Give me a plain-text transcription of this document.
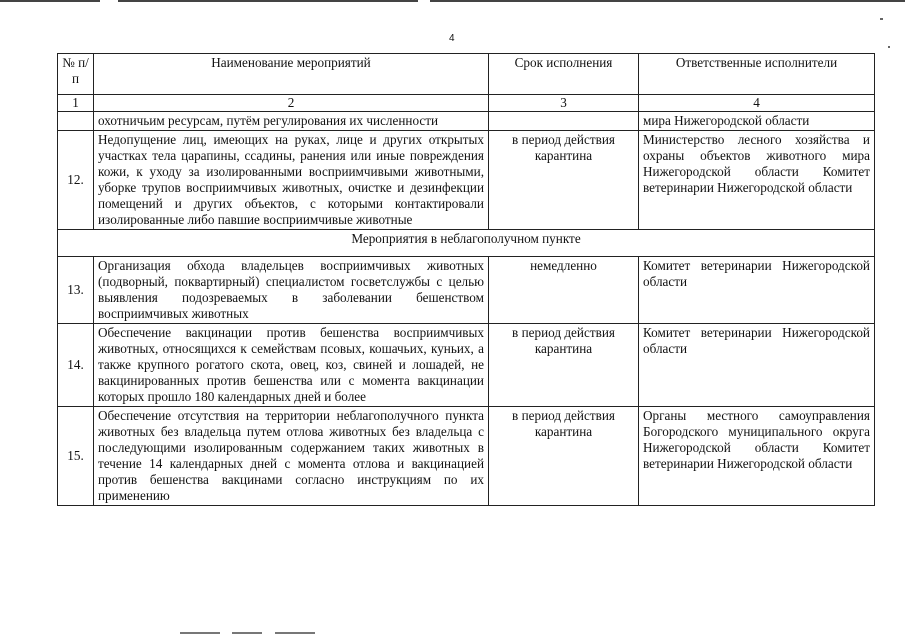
4
№ п/п	Наименование мероприятий	Срок исполнения	Ответственные исполнители
1	2	3	4
	охотничьим ресурсам, путём регулирования их численности		мира Нижегородской области
12.	Недопущение лиц, имеющих на руках, лице и других открытых участках тела царапины, ссадины, ранения или иные повреждения кожи, к уходу за изолированными восприимчивыми животными, уборке трупов восприимчивых животных, очистке и дезинфекции помещений и других объектов, с которыми контактировали изолированные либо павшие восприимчивые животные	в период действия карантина	Министерство лесного хозяйства и охраны объектов животного мира Нижегородской области Комитет ветеринарии Нижегородской области
Мероприятия в неблагополучном пункте			
13.	Организация обхода владельцев восприимчивых животных (подворный, поквартирный) специалистом госветслужбы с целью выявления подозреваемых в заболевании бешенством восприимчивых животных	немедленно	Комитет ветеринарии Нижегородской области
14.	Обеспечение вакцинации против бешенства восприимчивых животных, относящихся к семействам псовых, кошачьих, куньих, а также крупного рогатого скота, овец, коз, свиней и лошадей, не вакцинированных против бешенства или с момента вакцинации которых прошло 180 календарных дней и более	в период действия карантина	Комитет ветеринарии Нижегородской области
15.	Обеспечение отсутствия на территории неблагополучного пункта животных без владельца путем отлова животных без владельца с последующими изолированным содержанием таких животных в течение 14 календарных дней с момента отлова и вакцинацией против бешенства вакцинами согласно инструкциям по их применению	в период действия карантина	Органы местного самоуправления Богородского муниципального округа Нижегородской области Комитет ветеринарии Нижегородской области
